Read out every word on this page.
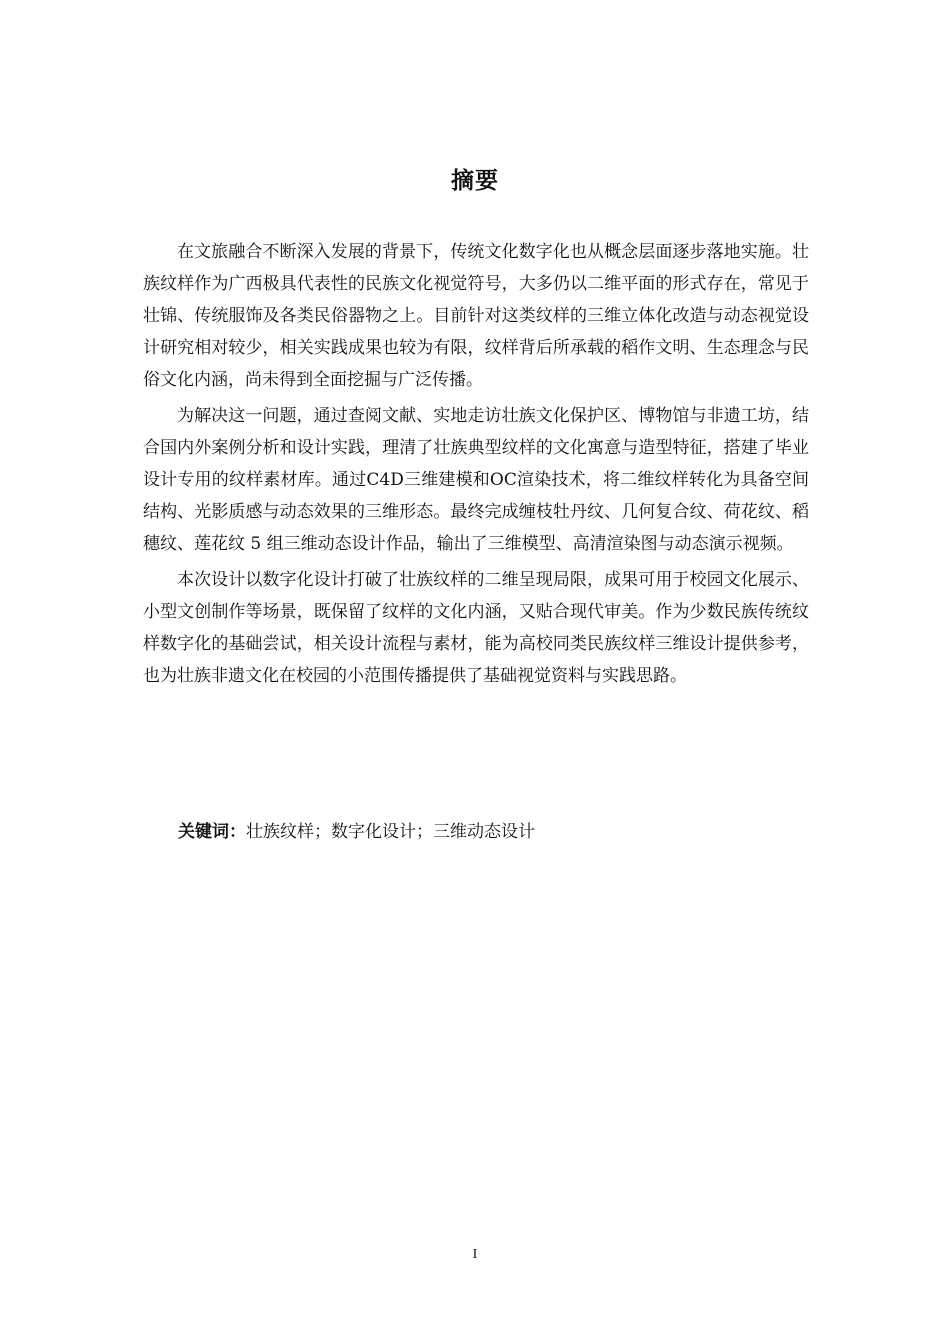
摘要

在文旅融合不断深入发展的背景下，传统文化数字化也从概念层面逐步落地实施。壮族纹样作为广西极具代表性的民族文化视觉符号，大多仍以二维平面的形式存在，常见于壮锦、传统服饰及各类民俗器物之上。目前针对这类纹样的三维立体化改造与动态视觉设计研究相对较少，相关实践成果也较为有限，纹样背后所承载的稻作文明、生态理念与民俗文化内涵，尚未得到全面挖掘与广泛传播。

为解决这一问题，通过查阅文献、实地走访壮族文化保护区、博物馆与非遗工坊，结合国内外案例分析和设计实践，理清了壮族典型纹样的文化寓意与造型特征，搭建了毕业设计专用的纹样素材库。通过C4D三维建模和OC渲染技术，将二维纹样转化为具备空间结构、光影质感与动态效果的三维形态。最终完成缠枝牡丹纹、几何复合纹、荷花纹、稻穗纹、莲花纹 5 组三维动态设计作品，输出了三维模型、高清渲染图与动态演示视频。

本次设计以数字化设计打破了壮族纹样的二维呈现局限，成果可用于校园文化展示、小型文创制作等场景，既保留了纹样的文化内涵，又贴合现代审美。作为少数民族传统纹样数字化的基础尝试，相关设计流程与素材，能为高校同类民族纹样三维设计提供参考，也为壮族非遗文化在校园的小范围传播提供了基础视觉资料与实践思路。

关键词：壮族纹样；数字化设计；三维动态设计
I
